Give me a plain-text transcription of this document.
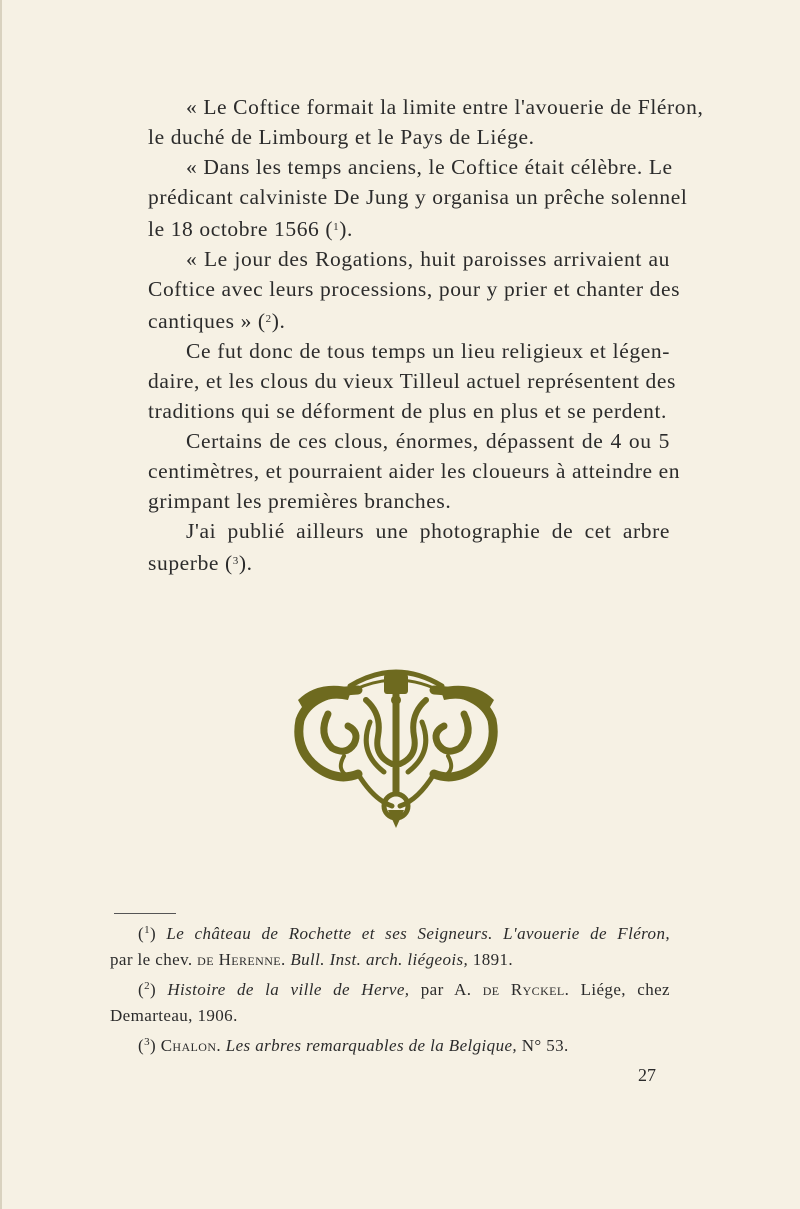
« Le Coftice formait la limite entre l'avouerie de Fléron,
le duché de Limbourg et le Pays de Liége.

« Dans les temps anciens, le Coftice était célèbre. Le
prédicant calviniste De Jung y organisa un prêche solennel
le 18 octobre 1566 ($^1$).

« Le jour des Rogations, huit paroisses arrivaient au
Coftice avec leurs processions, pour y prier et chanter des
cantiques » ($^2$).

Ce fut donc de tous temps un lieu religieux et légen-
daire, et les clous du vieux Tilleul actuel représentent des
traditions qui se déforment de plus en plus et se perdent.

Certains de ces clous, énormes, dépassent de 4 ou 5
centimètres, et pourraient aider les cloueurs à atteindre en
grimpant les premières branches.

J'ai publié ailleurs une photographie de cet arbre
superbe ($^3$).

($^1$) Le château de Rochette et ses Seigneurs. L'avouerie de Fléron,
par le chev. de Herenne. Bull. Inst. arch. liégeois, 1891.
($^2$) Histoire de la ville de Herve, par A. de Ryckel. Liége, chez
Demarteau, 1906.
($^3$) Chalon. Les arbres remarquables de la Belgique, N° 53.
27
